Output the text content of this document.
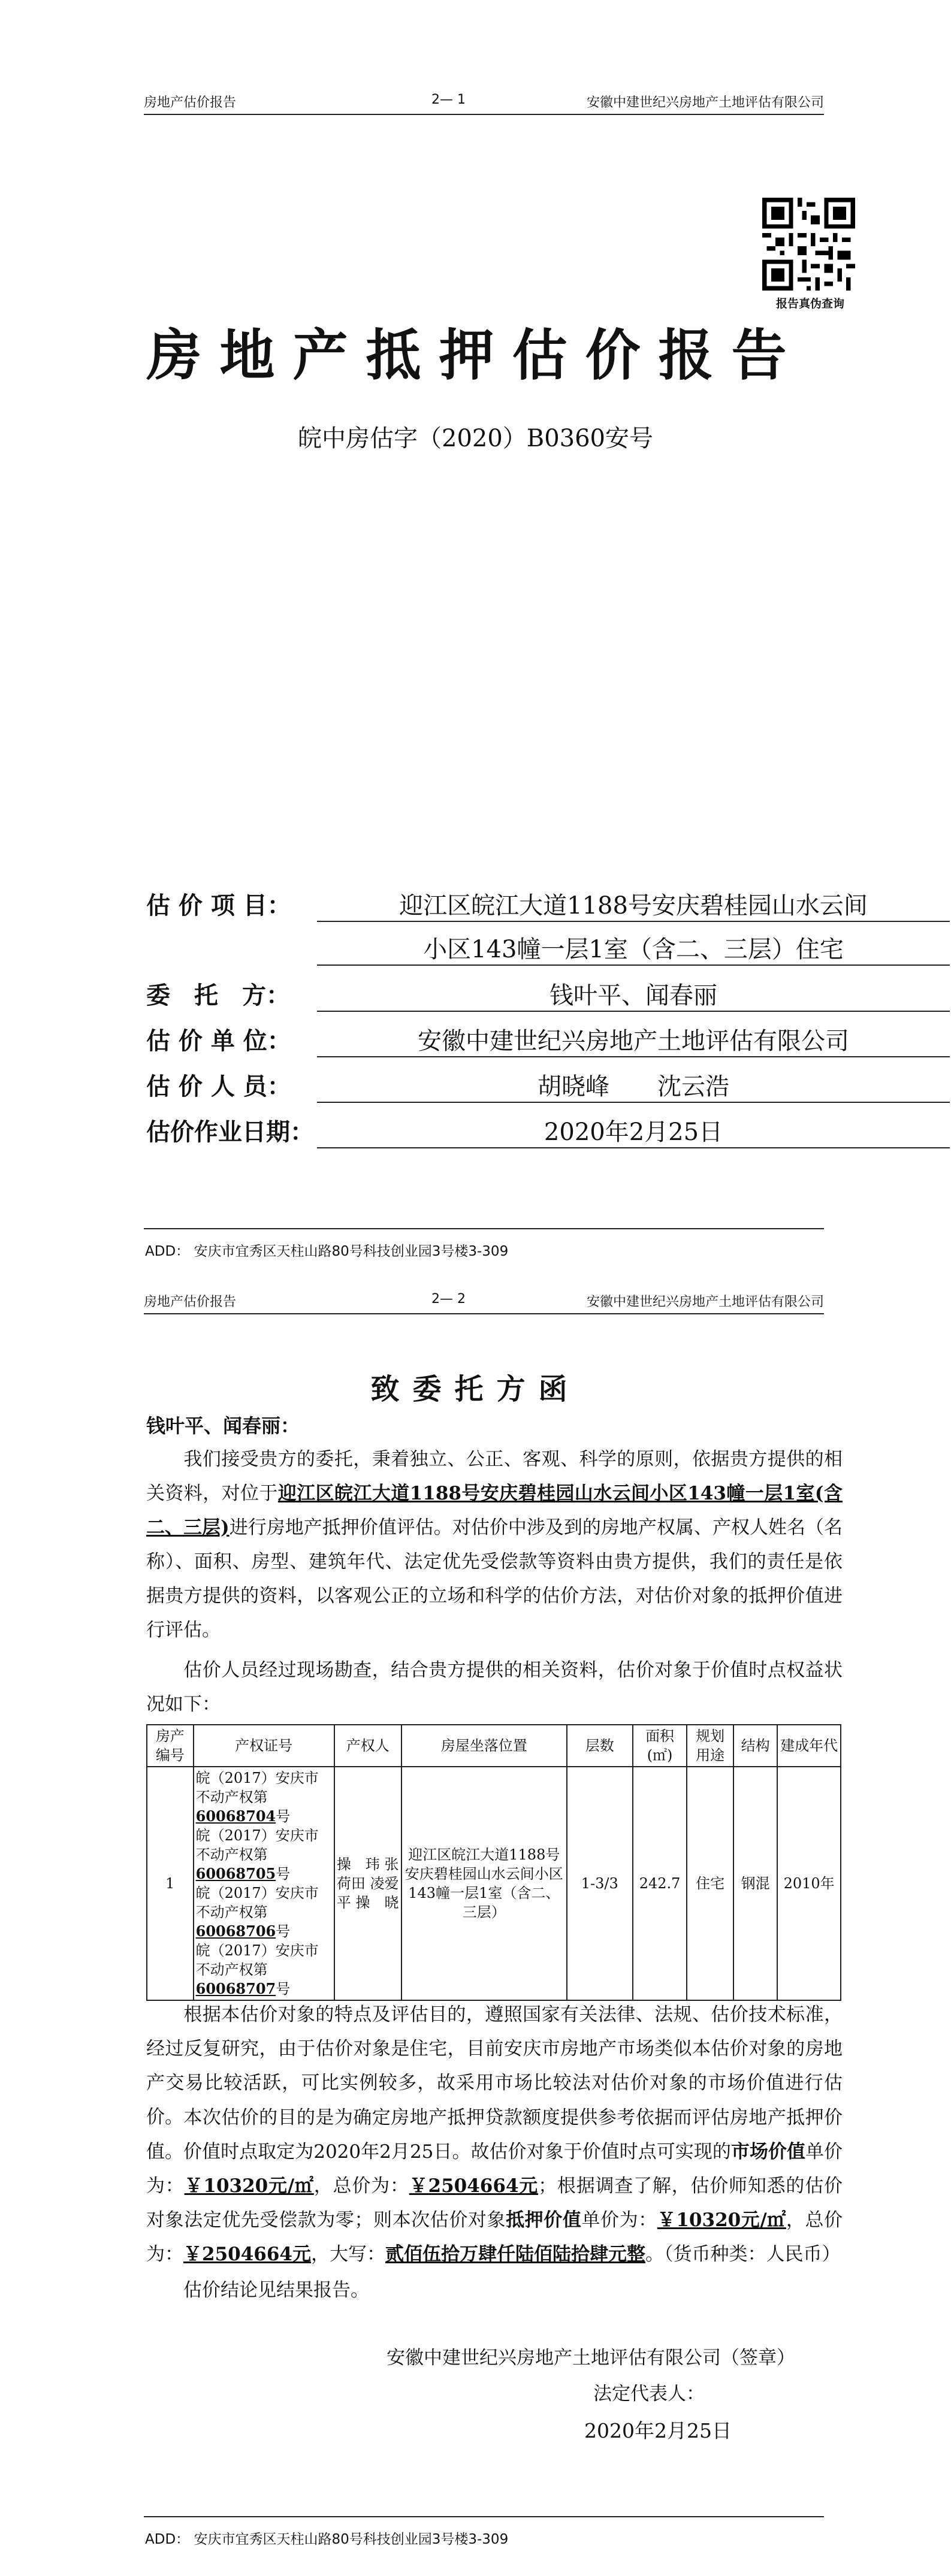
房地产估价报告	2— 1	安徽中建世纪兴房地产土地评估有限公司
报告真伪查询
房地产抵押估价报告
皖中房估字（2020）B0360安号
估 价 项 目：	迎江区皖江大道1188号安庆碧桂园山水云间
小区143幢一层1室（含二、三层）住宅
委　托　方：	钱叶平、闻春丽
估 价 单 位：	安徽中建世纪兴房地产土地评估有限公司
估 价 人 员：	胡晓峰　　沈云浩
估价作业日期：	2020年2月25日
ADD： 安庆市宜秀区天柱山路80号科技创业园3号楼3-309
房地产估价报告	2— 2	安徽中建世纪兴房地产土地评估有限公司
致委托方函
钱叶平、闻春丽：
我们接受贵方的委托，秉着独立、公正、客观、科学的原则，依据贵方提供的相关资料，对位于迎江区皖江大道1188号安庆碧桂园山水云间小区143幢一层1室(含二、三层)进行房地产抵押价值评估。对估价中涉及到的房地产权属、产权人姓名（名称）、面积、房型、建筑年代、法定优先受偿款等资料由贵方提供，我们的责任是依据贵方提供的资料，以客观公正的立场和科学的估价方法，对估价对象的抵押价值进行评估。
估价人员经过现场勘查，结合贵方提供的相关资料，估价对象于价值时点权益状况如下：
房产编号	产权证号	产权人	房屋坐落位置	层数	面积(㎡)	规划用途	结构	建成年代
1	皖（2017）安庆市不动产权第60068704号
皖（2017）安庆市不动产权第60068705号
皖（2017）安庆市不动产权第60068706号
皖（2017）安庆市不动产权第60068707号	操　玮 张荷田 凌爱平 操　晓	迎江区皖江大道1188号安庆碧桂园山水云间小区143幢一层1室（含二、三层）	1-3/3	242.7	住宅	钢混	2010年
根据本估价对象的特点及评估目的，遵照国家有关法律、法规、估价技术标准，经过反复研究，由于估价对象是住宅，目前安庆市房地产市场类似本估价对象的房地产交易比较活跃，可比实例较多，故采用市场比较法对估价对象的市场价值进行估价。 本次估价的目的是为确定房地产抵押贷款额度提供参考依据而评估房地产抵押价值。价值时点取定为2020年2月25日。故估价对象于价值时点可实现的市场价值单价为：￥10320元/㎡，总价为：￥2504664元；根据调查了解，估价师知悉的估价对象法定优先受偿款为零；则本次估价对象抵押价值单价为：￥10320元/㎡，总价为：￥2504664元，大写：贰佰伍拾万肆仟陆佰陆拾肆元整。（货币种类：人民币）
估价结论见结果报告。
安徽中建世纪兴房地产土地评估有限公司（签章）
法定代表人：
2020年2月25日
ADD： 安庆市宜秀区天柱山路80号科技创业园3号楼3-309
